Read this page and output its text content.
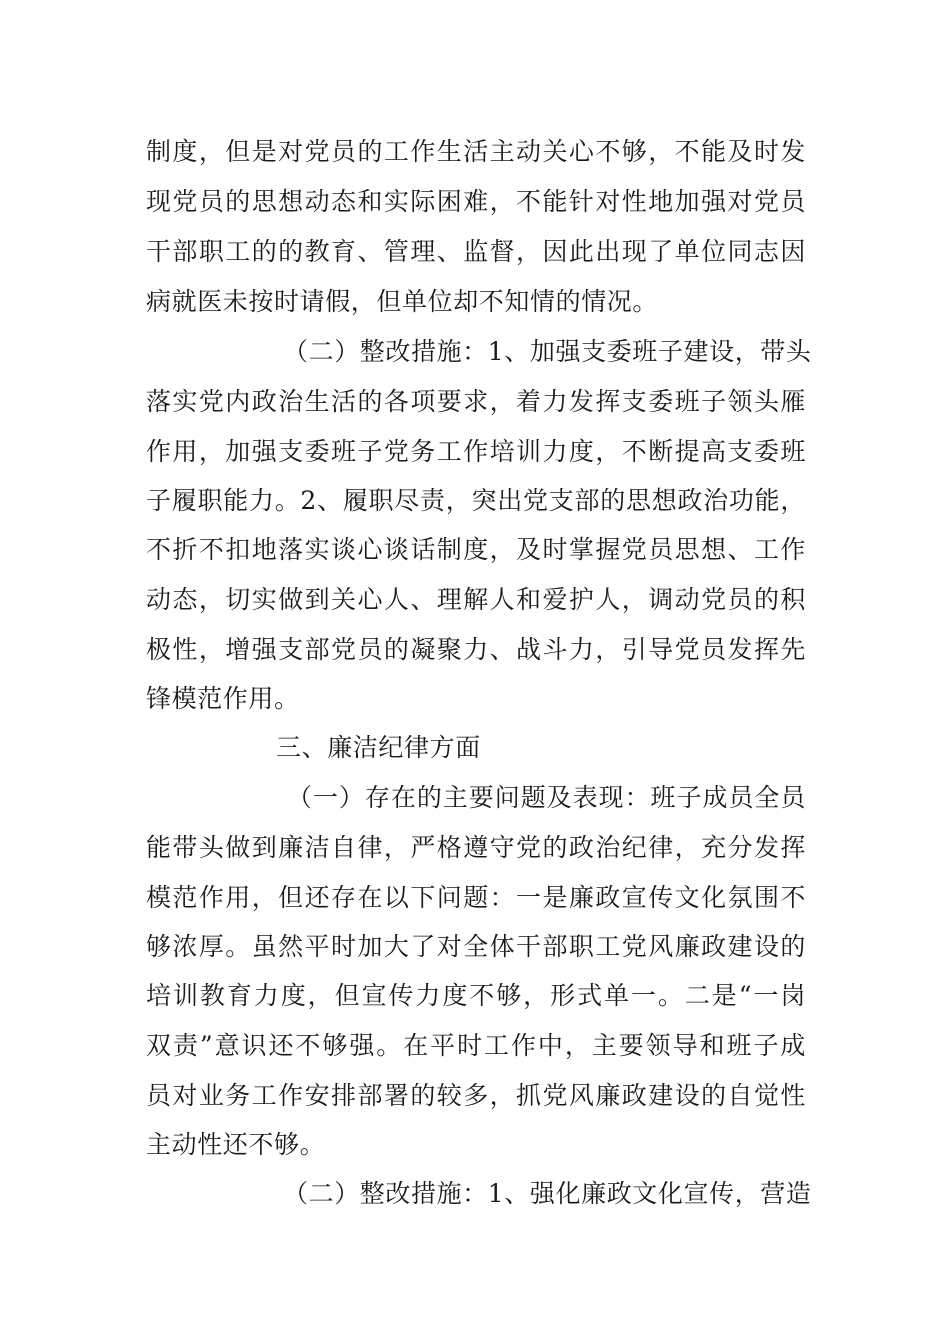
制度，但是对党员的工作生活主动关心不够，不能及时发
现党员的思想动态和实际困难，不能针对性地加强对党员
干部职工的的教育、管理、监督，因此出现了单位同志因
病就医未按时请假，但单位却不知情的情况。
（二）整改措施：1、加强支委班子建设，带头
落实党内政治生活的各项要求，着力发挥支委班子领头雁
作用，加强支委班子党务工作培训力度，不断提高支委班
子履职能力。2、履职尽责，突出党支部的思想政治功能，
不折不扣地落实谈心谈话制度，及时掌握党员思想、工作
动态，切实做到关心人、理解人和爱护人，调动党员的积
极性，增强支部党员的凝聚力、战斗力，引导党员发挥先
锋模范作用。
三、廉洁纪律方面
（一）存在的主要问题及表现：班子成员全员
能带头做到廉洁自律，严格遵守党的政治纪律，充分发挥
模范作用，但还存在以下问题：一是廉政宣传文化氛围不
够浓厚。虽然平时加大了对全体干部职工党风廉政建设的
培训教育力度，但宣传力度不够，形式单一。二是“一岗
双责”意识还不够强。在平时工作中，主要领导和班子成
员对业务工作安排部署的较多，抓党风廉政建设的自觉性
主动性还不够。
（二）整改措施：1、强化廉政文化宣传，营造
